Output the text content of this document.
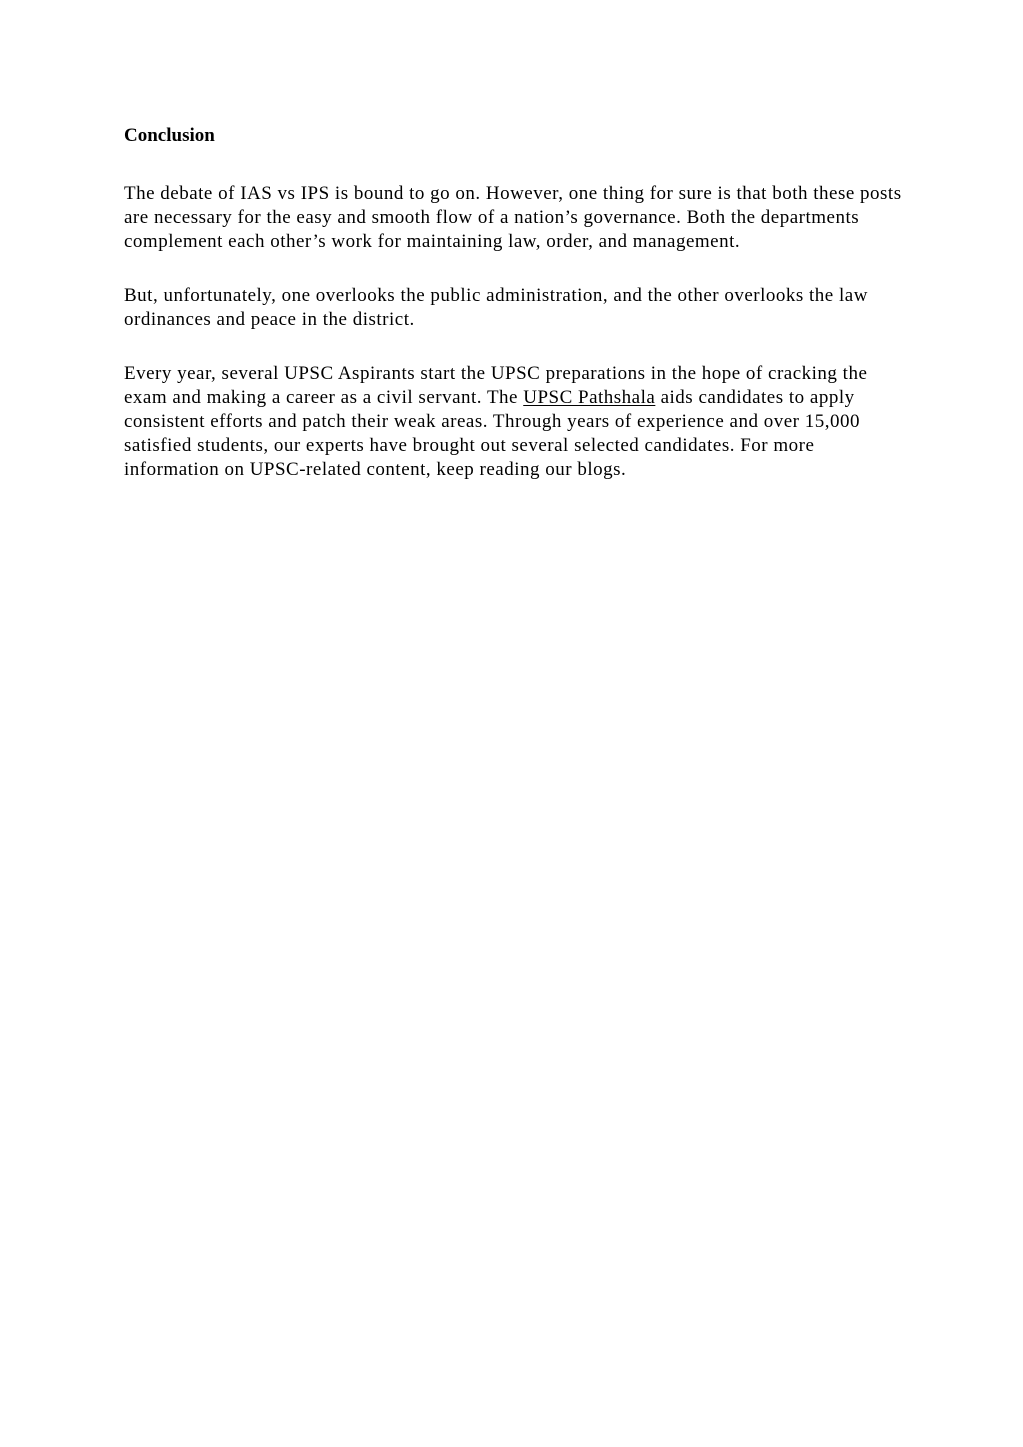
Conclusion

The debate of IAS vs IPS is bound to go on. However, one thing for sure is that both these posts are necessary for the easy and smooth flow of a nation’s governance. Both the departments complement each other’s work for maintaining law, order, and management.

But, unfortunately, one overlooks the public administration, and the other overlooks the law ordinances and peace in the district.

Every year, several UPSC Aspirants start the UPSC preparations in the hope of cracking the exam and making a career as a civil servant. The UPSC Pathshala aids candidates to apply consistent efforts and patch their weak areas. Through years of experience and over 15,000 satisfied students, our experts have brought out several selected candidates. For more information on UPSC-related content, keep reading our blogs.
